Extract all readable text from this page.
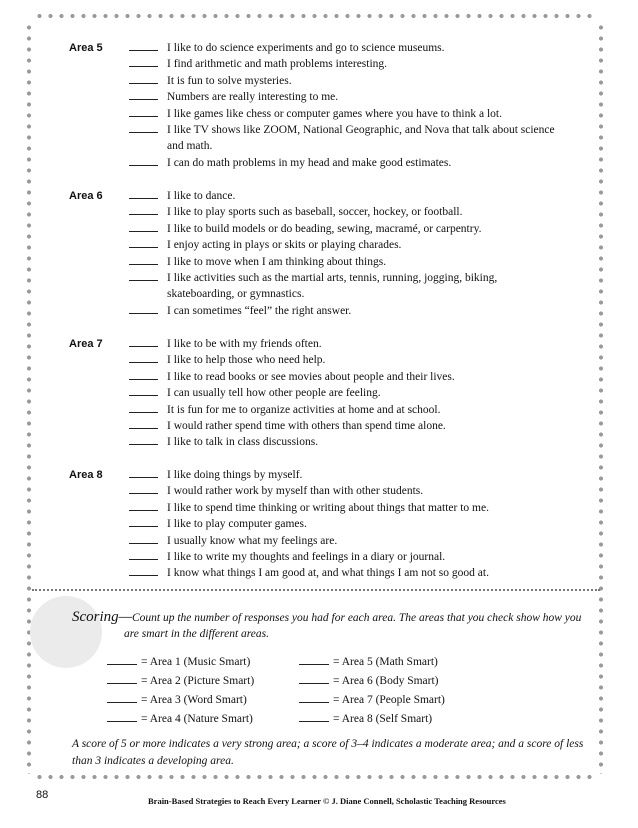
Area 5	I like to do science experiments and go to science museums.
I find arithmetic and math problems interesting.
It is fun to solve mysteries.
Numbers are really interesting to me.
I like games like chess or computer games where you have to think a lot.
I like TV shows like ZOOM, National Geographic, and Nova that talk about science
and math.
I can do math problems in my head and make good estimates.
Area 6	I like to dance.
I like to play sports such as baseball, soccer, hockey, or football.
I like to build models or do beading, sewing, macramé, or carpentry.
I enjoy acting in plays or skits or playing charades.
I like to move when I am thinking about things.
I like activities such as the martial arts, tennis, running, jogging, biking,
skateboarding, or gymnastics.
I can sometimes “feel” the right answer.
Area 7	I like to be with my friends often.
I like to help those who need help.
I like to read books or see movies about people and their lives.
I can usually tell how other people are feeling.
It is fun for me to organize activities at home and at school.
I would rather spend time with others than spend time alone.
I like to talk in class discussions.
Area 8	I like doing things by myself.
I would rather work by myself than with other students.
I like to spend time thinking or writing about things that matter to me.
I like to play computer games.
I usually know what my feelings are.
I like to write my thoughts and feelings in a diary or journal.
I know what things I am good at, and what things I am not so good at.
Scoring—Count up the number of responses you had for each area. The areas that you check show how you
are smart in the different areas.
= Area 1 (Music Smart)
= Area 2 (Picture Smart)
= Area 3 (Word Smart)
= Area 4 (Nature Smart)
= Area 5 (Math Smart)
= Area 6 (Body Smart)
= Area 7 (People Smart)
= Area 8 (Self Smart)
A score of 5 or more indicates a very strong area; a score of 3–4 indicates a moderate area; and a score of less
than 3 indicates a developing area.
88	Brain-Based Strategies to Reach Every Learner © J. Diane Connell, Scholastic Teaching Resources
